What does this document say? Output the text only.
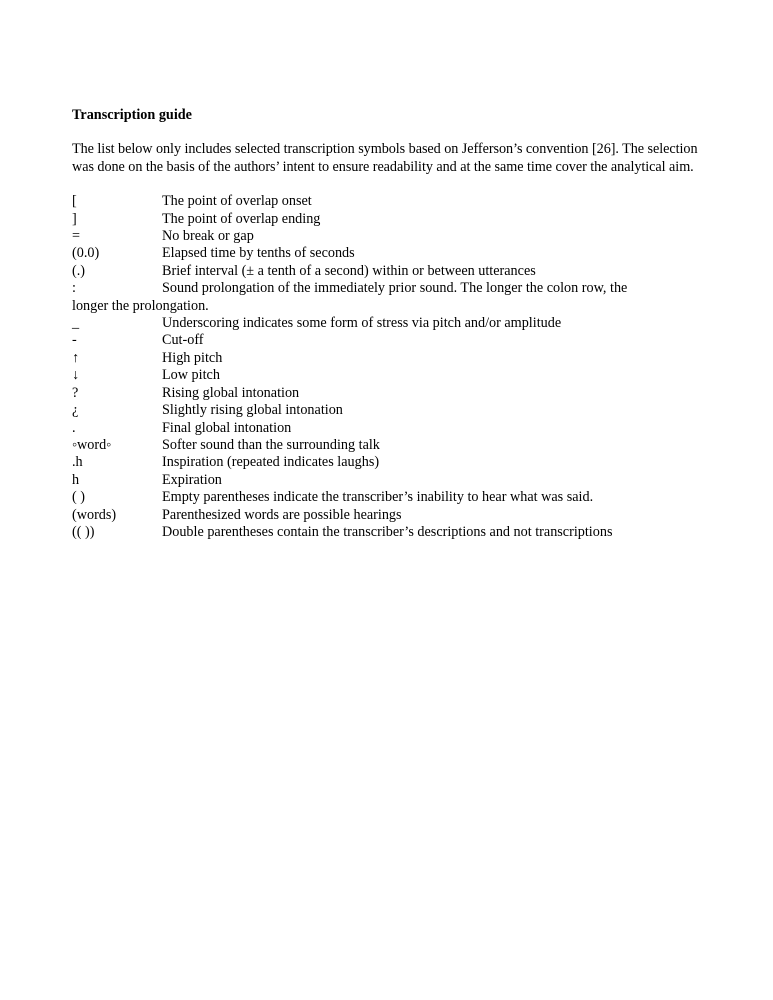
Transcription guide
The list below only includes selected transcription symbols based on Jefferson’s convention [26]. The selection was done on the basis of the authors’ intent to ensure readability and at the same time cover the analytical aim.
[	The point of overlap onset
]	The point of overlap ending
=	No break or gap
(0.0)	Elapsed time by tenths of seconds
(.)	Brief interval (± a tenth of a second) within or between utterances
:	Sound prolongation of the immediately prior sound. The longer the colon row, the
longer the prolongation.
_	Underscoring indicates some form of stress via pitch and/or amplitude
-	Cut-off
↑	High pitch
↓	Low pitch
?	Rising global intonation
¿	Slightly rising global intonation
.	Final global intonation
◦word◦	Softer sound than the surrounding talk
.h	Inspiration (repeated indicates laughs)
h	Expiration
( )	Empty parentheses indicate the transcriber’s inability to hear what was said.
(words)	Parenthesized words are possible hearings
(( ))	Double parentheses contain the transcriber’s descriptions and not transcriptions
